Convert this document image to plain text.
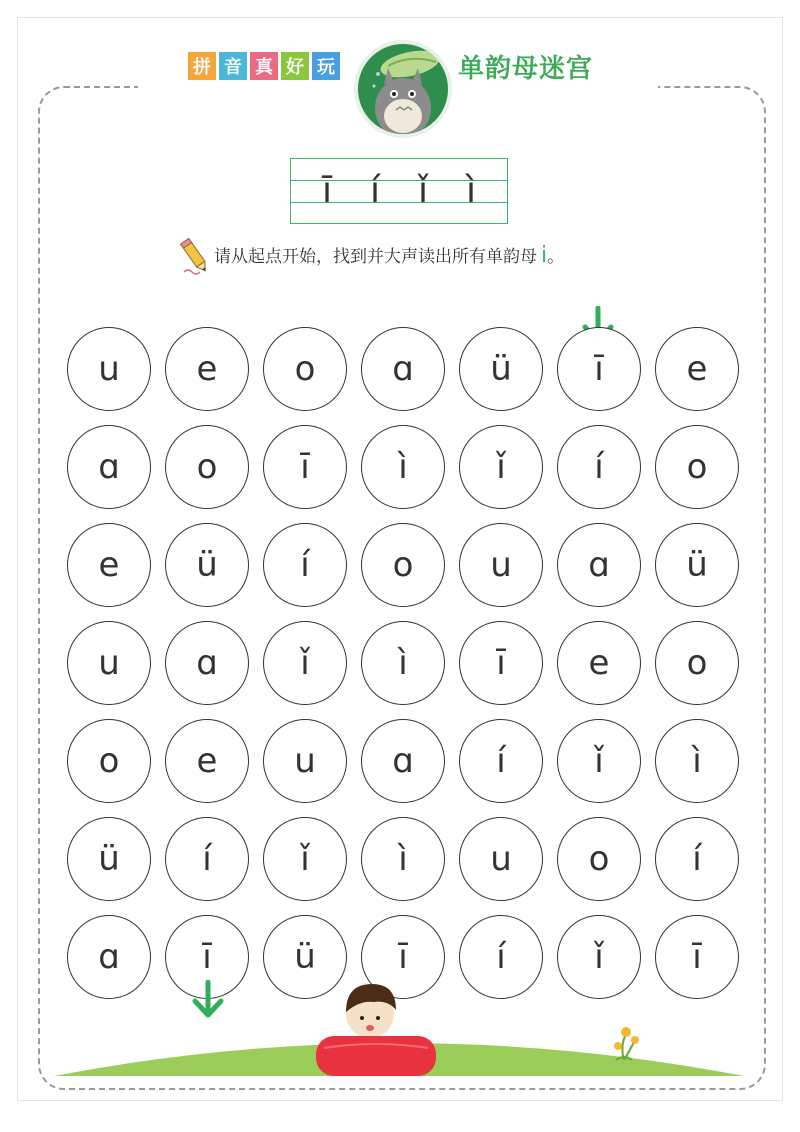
拼 音 真 好 玩	单韵母迷宫
ī í ǐ ì
请从起点开始，找到并大声读出所有单韵母 i 。
u	e	o	ɑ	ü	ī	e
ɑ	o	ī	ì	ǐ	í	o
e	ü	í	o	u	ɑ	ü
u	ɑ	ǐ	ì	ī	e	o
o	e	u	ɑ	í	ǐ	ì
ü	í	ǐ	ì	u	o	í
ɑ	ī	ü	ī	í	ǐ	ī
